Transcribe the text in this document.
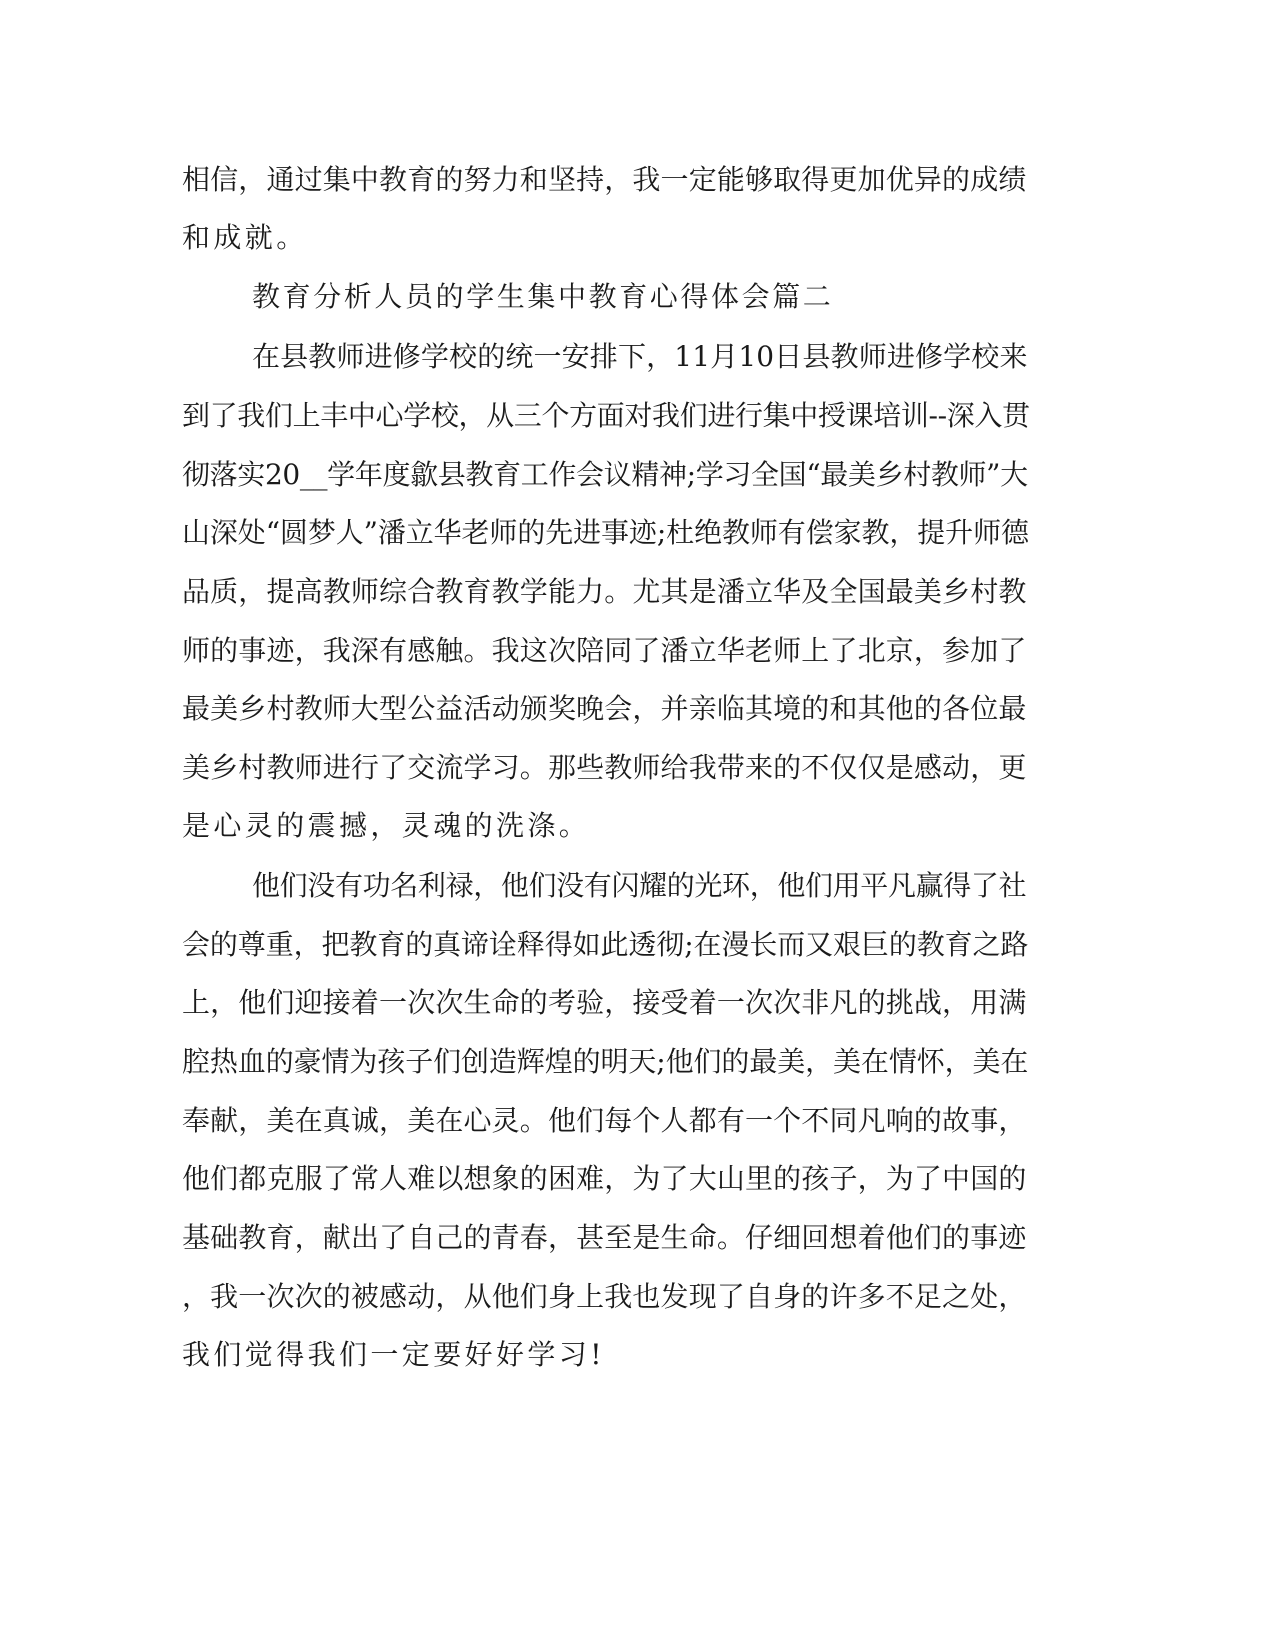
相信，通过集中教育的努力和坚持，我一定能够取得更加优异的成绩

和成就。

教育分析人员的学生集中教育心得体会篇二

在县教师进修学校的统一安排下，11月10日县教师进修学校来

到了我们上丰中心学校，从三个方面对我们进行集中授课培训--深入贯

彻落实20__学年度歙县教育工作会议精神;学习全国“最美乡村教师”大

山深处“圆梦人”潘立华老师的先进事迹;杜绝教师有偿家教，提升师德

品质，提高教师综合教育教学能力。尤其是潘立华及全国最美乡村教

师的事迹，我深有感触。我这次陪同了潘立华老师上了北京，参加了

最美乡村教师大型公益活动颁奖晚会，并亲临其境的和其他的各位最

美乡村教师进行了交流学习。那些教师给我带来的不仅仅是感动，更

是心灵的震撼，灵魂的洗涤。

他们没有功名利禄，他们没有闪耀的光环，他们用平凡赢得了社

会的尊重，把教育的真谛诠释得如此透彻;在漫长而又艰巨的教育之路

上，他们迎接着一次次生命的考验，接受着一次次非凡的挑战，用满

腔热血的豪情为孩子们创造辉煌的明天;他们的最美，美在情怀，美在

奉献，美在真诚，美在心灵。他们每个人都有一个不同凡响的故事，

他们都克服了常人难以想象的困难，为了大山里的孩子，为了中国的

基础教育，献出了自己的青春，甚至是生命。仔细回想着他们的事迹

，我一次次的被感动，从他们身上我也发现了自身的许多不足之处，

我们觉得我们一定要好好学习!
